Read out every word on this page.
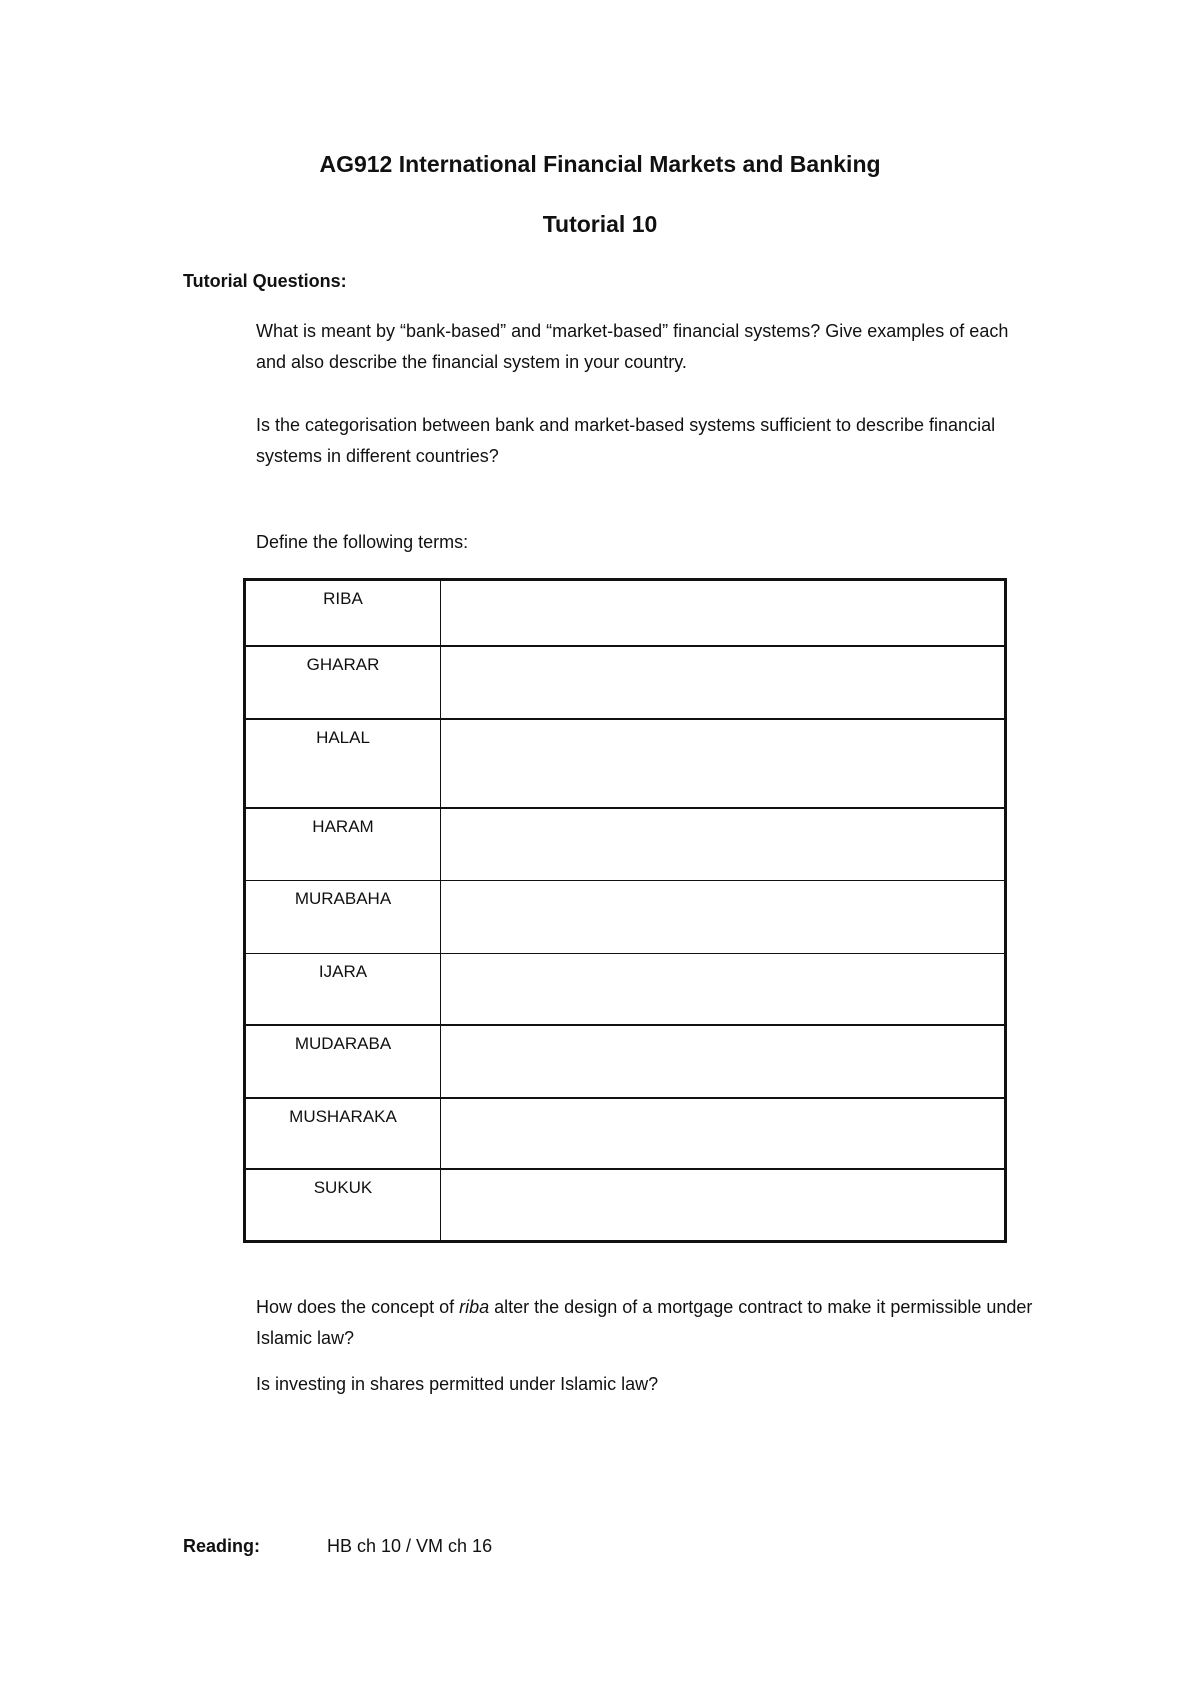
AG912 International Financial Markets and Banking
Tutorial 10
Tutorial Questions:

What is meant by “bank-based” and “market-based” financial systems? Give examples of each and also describe the financial system in your country.

Is the categorisation between bank and market-based systems sufficient to describe financial systems in different countries?

Define the following terms:

RIBA	
GHARAR	
HALAL	
HARAM	
MURABAHA	
IJARA	
MUDARABA	
MUSHARAKA	
SUKUK	

How does the concept of riba alter the design of a mortgage contract to make it permissible under Islamic law?

Is investing in shares permitted under Islamic law?

Reading:	HB ch 10 / VM ch 16
